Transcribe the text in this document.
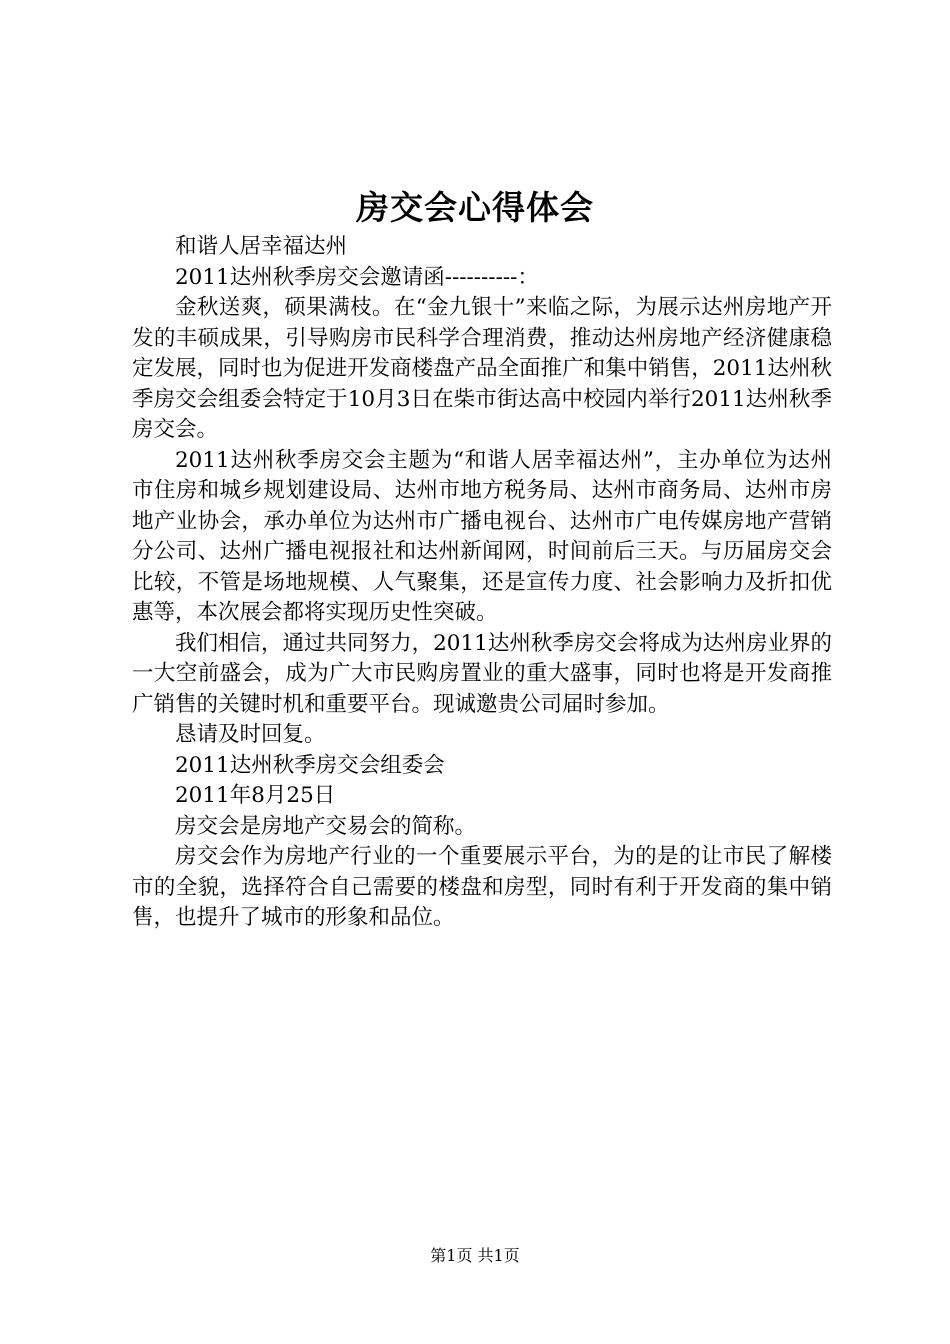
房交会心得体会

和谐人居幸福达州

2011达州秋季房交会邀请函----------：

金秋送爽，硕果满枝。在“金九银十”来临之际，为展示达州房地产开发的丰硕成果，引导购房市民科学合理消费，推动达州房地产经济健康稳定发展，同时也为促进开发商楼盘产品全面推广和集中销售，2011达州秋季房交会组委会特定于10月3日在柴市街达高中校园内举行2011达州秋季房交会。

2011达州秋季房交会主题为“和谐人居幸福达州”，主办单位为达州市住房和城乡规划建设局、达州市地方税务局、达州市商务局、达州市房地产业协会，承办单位为达州市广播电视台、达州市广电传媒房地产营销分公司、达州广播电视报社和达州新闻网，时间前后三天。与历届房交会比较，不管是场地规模、人气聚集，还是宣传力度、社会影响力及折扣优惠等，本次展会都将实现历史性突破。

我们相信，通过共同努力，2011达州秋季房交会将成为达州房业界的一大空前盛会，成为广大市民购房置业的重大盛事，同时也将是开发商推广销售的关键时机和重要平台。现诚邀贵公司届时参加。

恳请及时回复。

2011达州秋季房交会组委会

2011年8月25日

房交会是房地产交易会的简称。

房交会作为房地产行业的一个重要展示平台，为的是的让市民了解楼市的全貌，选择符合自己需要的楼盘和房型，同时有利于开发商的集中销售，也提升了城市的形象和品位。

第1页 共1页
